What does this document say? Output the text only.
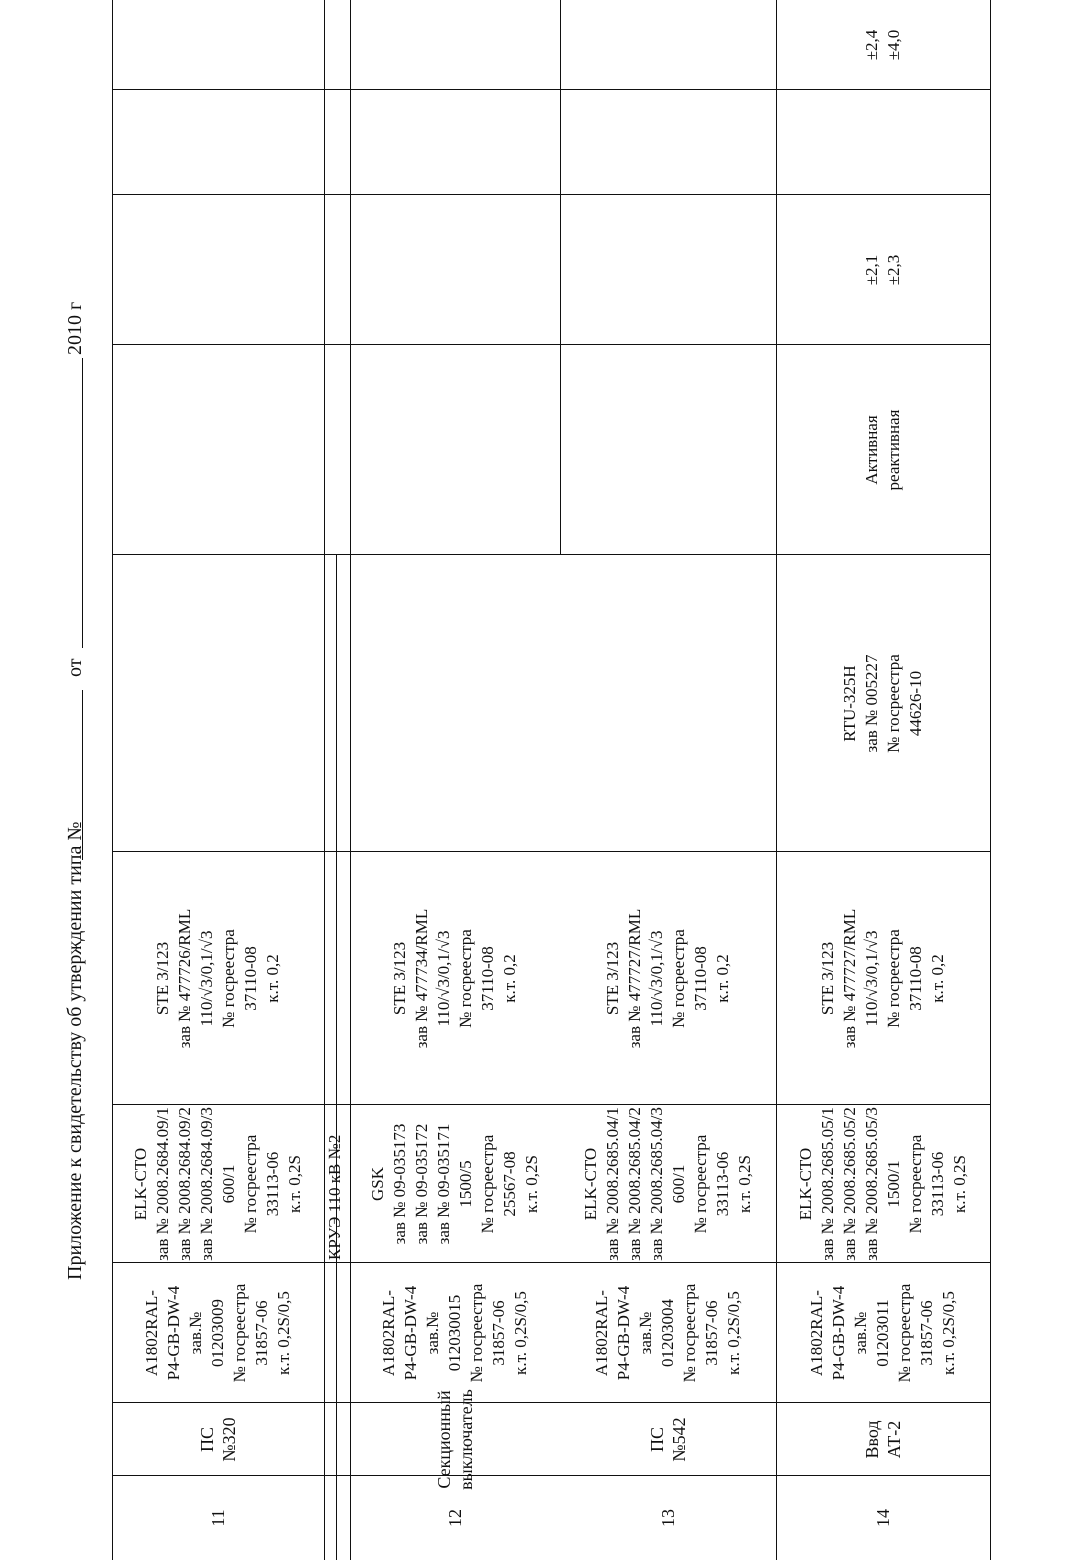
Приложение к свидетельству об утверждении типа №
от
2010 г
КРУЭ 110 кВ №2
11
ПС №320
A1802RAL-
P4-GB-DW-4
зав.№
01203009
№ госреестра
31857-06
к.т. 0,2S/0,5
ELK-CTO
зав № 2008.2684.09/1
зав № 2008.2684.09/2
зав № 2008.2684.09/3
600/1
№ госреестра
33113-06
к.т. 0,2S
STE 3/123
зав № 477726/RML
110/√3/0,1/√3
№ госреестра
37110-08
к.т. 0,2
12
Секционный
выключатель
A1802RAL-
P4-GB-DW-4
зав.№
012030015
№ госреестра
31857-06
к.т. 0,2S/0,5
GSK
зав № 09-035173
зав № 09-035172
зав № 09-035171
1500/5
№ госреестра
25567-08
к.т. 0,2S
STE 3/123
зав № 477734/RML
110/√3/0,1/√3
№ госреестра
37110-08
к.т. 0,2
13
ПС №542
A1802RAL-
P4-GB-DW-4
зав.№
01203004
№ госреестра
31857-06
к.т. 0,2S/0,5
ELK-CTO
зав № 2008.2685.04/1
зав № 2008.2685.04/2
зав № 2008.2685.04/3
600/1
№ госреестра
33113-06
к.т. 0,2S
STE 3/123
зав № 477727/RML
110/√3/0,1/√3
№ госреестра
37110-08
к.т. 0,2
14
Ввод АТ-2
A1802RAL-
P4-GB-DW-4
зав.№
01203011
№ госреестра
31857-06
к.т. 0,2S/0,5
ELK-CTO
зав № 2008.2685.05/1
зав № 2008.2685.05/2
зав № 2008.2685.05/3
1500/1
№ госреестра
33113-06
к.т. 0,2S
STE 3/123
зав № 477727/RML
110/√3/0,1/√3
№ госреестра
37110-08
к.т. 0,2
RTU-325H
зав № 005227
№ госреестра
44626-10
Активная
реактивная
±2,1
±2,3
±2,4
±4,0
